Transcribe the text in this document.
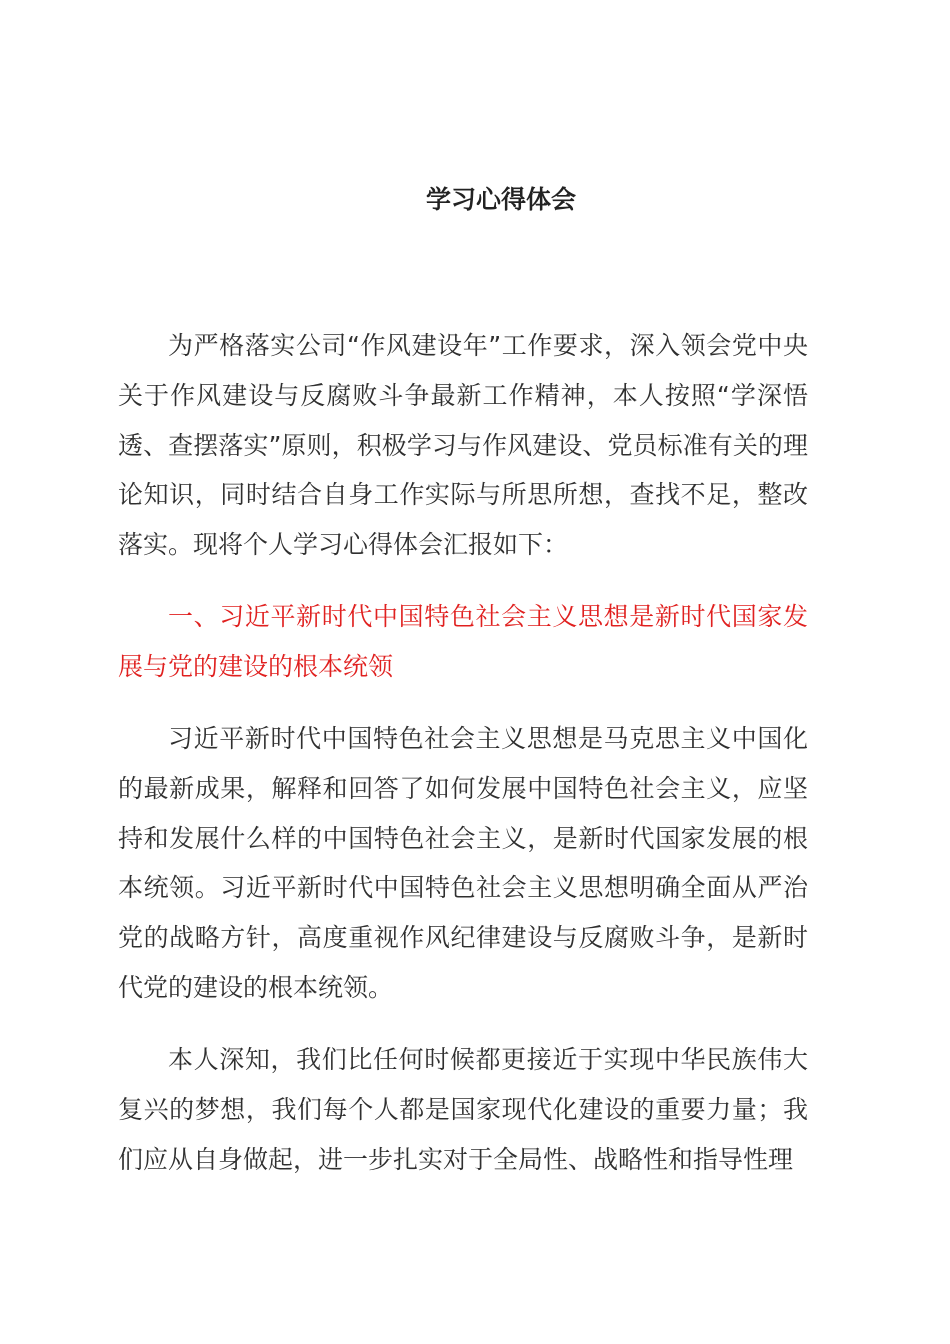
学习心得体会

为严格落实公司“作风建设年”工作要求，深入领会党中央关于作风建设与反腐败斗争最新工作精神，本人按照“学深悟透、查摆落实”原则，积极学习与作风建设、党员标准有关的理论知识，同时结合自身工作实际与所思所想，查找不足，整改落实。现将个人学习心得体会汇报如下：

一、习近平新时代中国特色社会主义思想是新时代国家发展与党的建设的根本统领

习近平新时代中国特色社会主义思想是马克思主义中国化的最新成果，解释和回答了如何发展中国特色社会主义，应坚持和发展什么样的中国特色社会主义，是新时代国家发展的根本统领。习近平新时代中国特色社会主义思想明确全面从严治党的战略方针，高度重视作风纪律建设与反腐败斗争，是新时代党的建设的根本统领。

本人深知，我们比任何时候都更接近于实现中华民族伟大复兴的梦想，我们每个人都是国家现代化建设的重要力量；我们应从自身做起，进一步扎实对于全局性、战略性和指导性理
